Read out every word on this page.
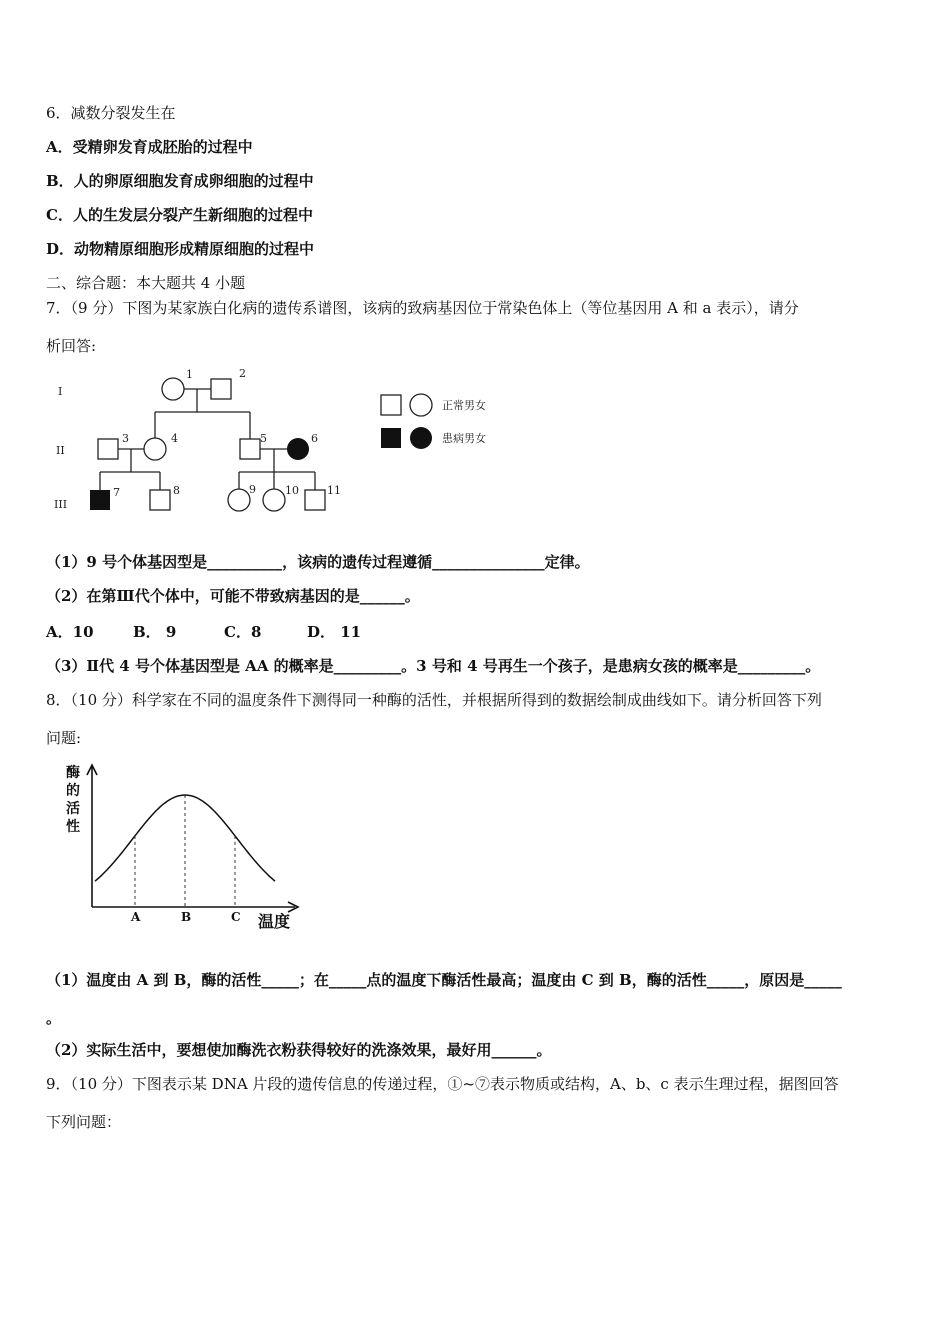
6．减数分裂发生在
A．受精卵发育成胚胎的过程中
B．人的卵原细胞发育成卵细胞的过程中
C．人的生发层分裂产生新细胞的过程中
D．动物精原细胞形成精原细胞的过程中
二、综合题：本大题共 4 小题
7．（9 分）下图为某家族白化病的遗传系谱图，该病的致病基因位于常染色体上（等位基因用 A 和 a 表示），请分
析回答:
I
II
III
1	2
3	4	5	6
7	8	9	10	11
正常男女
患病男女
（1）9 号个体基因型是__________，该病的遗传过程遵循_______________定律。
（2）在第Ⅲ代个体中，可能不带致病基因的是______。
A．10	B． 9	C．8	D． 11
（3）Ⅱ代 4 号个体基因型是 AA 的概率是_________。3 号和 4 号再生一个孩子，是患病女孩的概率是_________。
8．（10 分）科学家在不同的温度条件下测得同一种酶的活性，并根据所得到的数据绘制成曲线如下。请分析回答下列
问题:
酶
的
活
性
温度
A	B	C
（1）温度由 A 到 B，酶的活性_____；在_____点的温度下酶活性最高；温度由 C 到 B，酶的活性_____，原因是_____
。
（2）实际生活中，要想使加酶洗衣粉获得较好的洗涤效果，最好用______。
9．（10 分）下图表示某 DNA 片段的遗传信息的传递过程，①~⑦表示物质或结构，A、b、c 表示生理过程，据图回答
下列问题：
